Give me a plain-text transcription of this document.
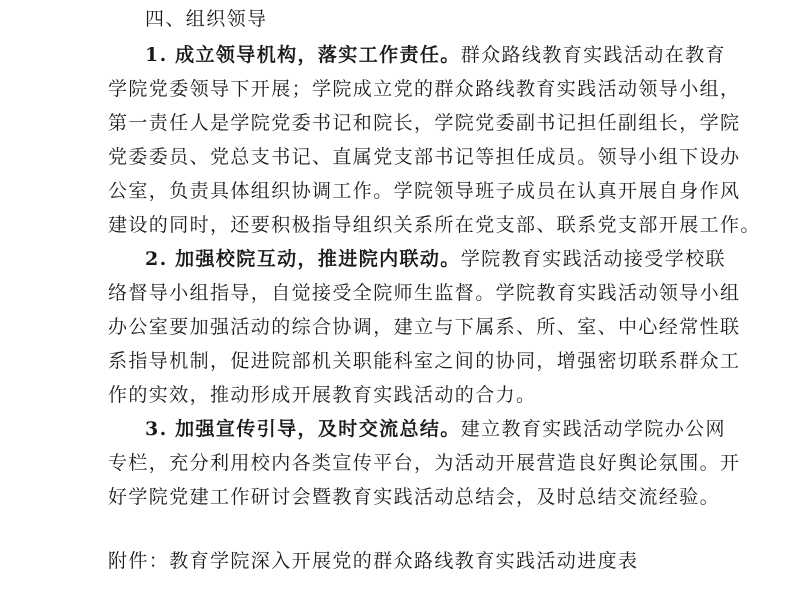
四、组织领导
1. 成立领导机构，落实工作责任。群众路线教育实践活动在教育
学院党委领导下开展；学院成立党的群众路线教育实践活动领导小组，
第一责任人是学院党委书记和院长，学院党委副书记担任副组长，学院
党委委员、党总支书记、直属党支部书记等担任成员。领导小组下设办
公室，负责具体组织协调工作。学院领导班子成员在认真开展自身作风
建设的同时，还要积极指导组织关系所在党支部、联系党支部开展工作。
2. 加强校院互动，推进院内联动。学院教育实践活动接受学校联
络督导小组指导，自觉接受全院师生监督。学院教育实践活动领导小组
办公室要加强活动的综合协调，建立与下属系、所、室、中心经常性联
系指导机制，促进院部机关职能科室之间的协同，增强密切联系群众工
作的实效，推动形成开展教育实践活动的合力。
3. 加强宣传引导，及时交流总结。建立教育实践活动学院办公网
专栏，充分利用校内各类宣传平台，为活动开展营造良好舆论氛围。开
好学院党建工作研讨会暨教育实践活动总结会，及时总结交流经验。
附件：教育学院深入开展党的群众路线教育实践活动进度表
